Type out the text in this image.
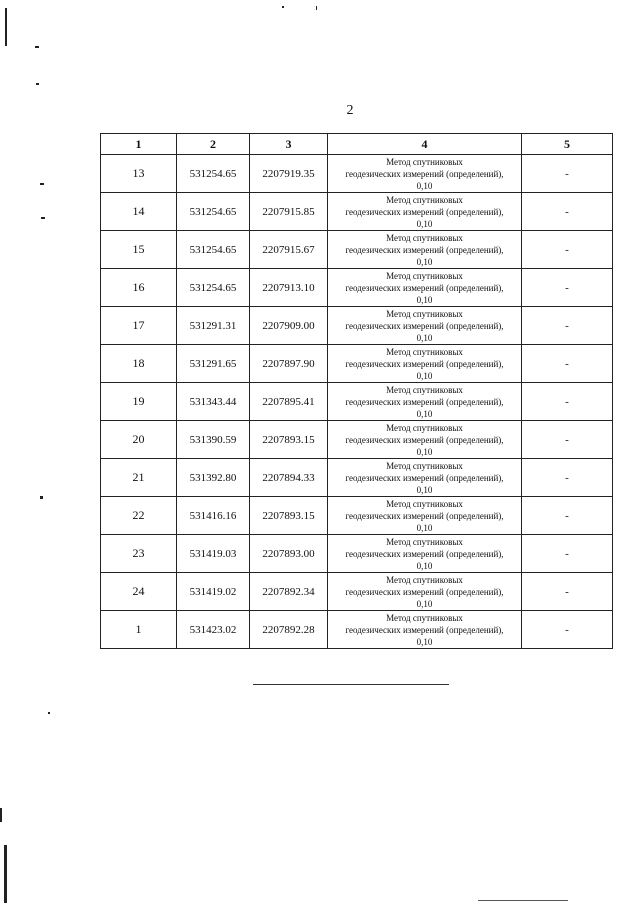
2
1	2	3	4	5
13	531254.65	2207919.35	Метод спутниковых
геодезических измерений (определений),
0,10	-
14	531254.65	2207915.85	Метод спутниковых
геодезических измерений (определений),
0,10	-
15	531254.65	2207915.67	Метод спутниковых
геодезических измерений (определений),
0,10	-
16	531254.65	2207913.10	Метод спутниковых
геодезических измерений (определений),
0,10	-
17	531291.31	2207909.00	Метод спутниковых
геодезических измерений (определений),
0,10	-
18	531291.65	2207897.90	Метод спутниковых
геодезических измерений (определений),
0,10	-
19	531343.44	2207895.41	Метод спутниковых
геодезических измерений (определений),
0,10	-
20	531390.59	2207893.15	Метод спутниковых
геодезических измерений (определений),
0,10	-
21	531392.80	2207894.33	Метод спутниковых
геодезических измерений (определений),
0,10	-
22	531416.16	2207893.15	Метод спутниковых
геодезических измерений (определений),
0,10	-
23	531419.03	2207893.00	Метод спутниковых
геодезических измерений (определений),
0,10	-
24	531419.02	2207892.34	Метод спутниковых
геодезических измерений (определений),
0,10	-
1	531423.02	2207892.28	Метод спутниковых
геодезических измерений (определений),
0,10	-
